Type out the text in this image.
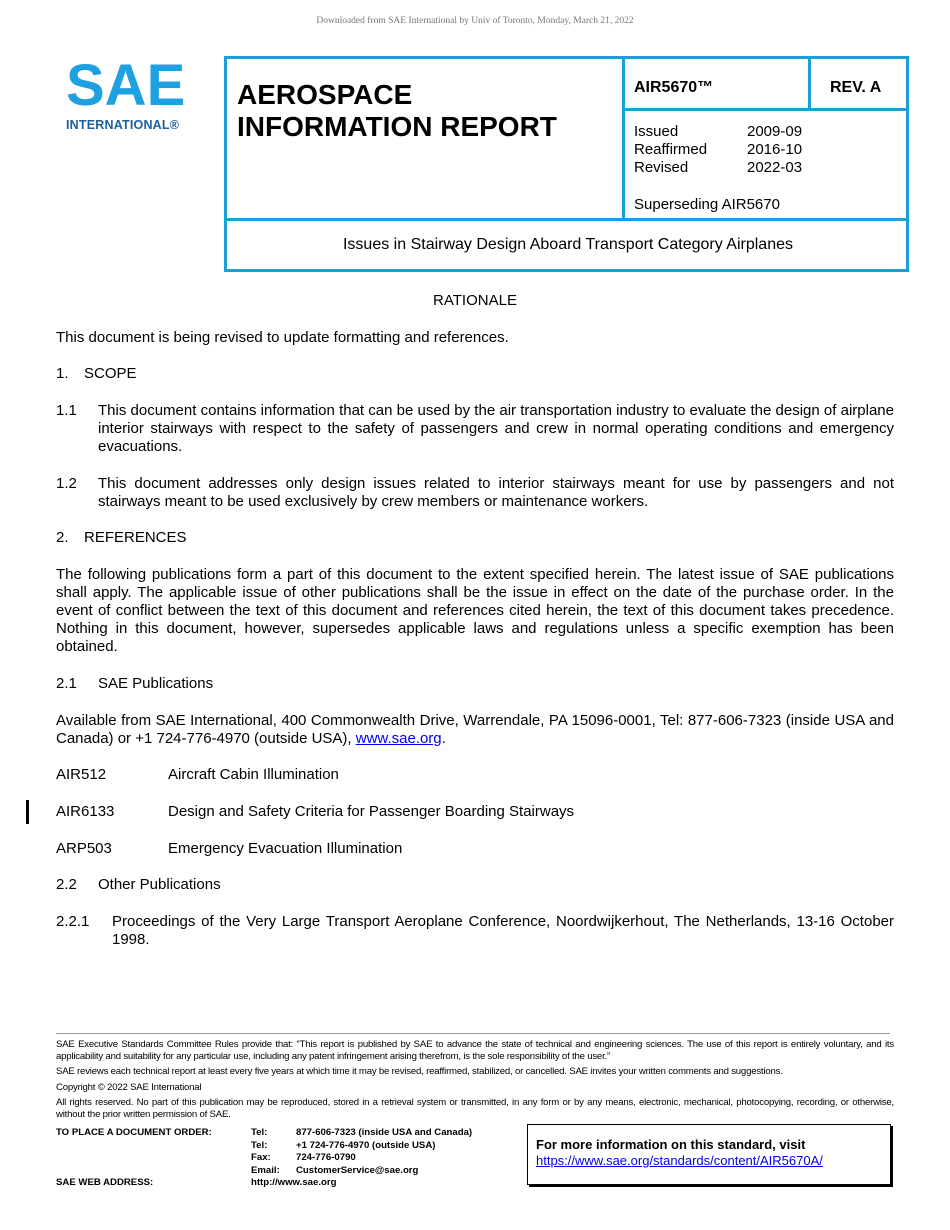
Downloaded from SAE International by Univ of Toronto, Monday, March 21, 2022
SAE
INTERNATIONAL®
AEROSPACE
INFORMATION REPORT
AIR5670™	REV. A
Issued	2009-09
Reaffirmed	2016-10
Revised	2022-03
Superseding AIR5670
Issues in Stairway Design Aboard Transport Category Airplanes
RATIONALE
This document is being revised to update formatting and references.
1. SCOPE
1.1 This document contains information that can be used by the air transportation industry to evaluate the design of airplane interior stairways with respect to the safety of passengers and crew in normal operating conditions and emergency evacuations.
1.2 This document addresses only design issues related to interior stairways meant for use by passengers and not stairways meant to be used exclusively by crew members or maintenance workers.
2. REFERENCES
The following publications form a part of this document to the extent specified herein. The latest issue of SAE publications shall apply. The applicable issue of other publications shall be the issue in effect on the date of the purchase order. In the event of conflict between the text of this document and references cited herein, the text of this document takes precedence. Nothing in this document, however, supersedes applicable laws and regulations unless a specific exemption has been obtained.
2.1 SAE Publications
Available from SAE International, 400 Commonwealth Drive, Warrendale, PA 15096-0001, Tel: 877-606-7323 (inside USA and Canada) or +1 724-776-4970 (outside USA), www.sae.org.
AIR512	Aircraft Cabin Illumination
AIR6133	Design and Safety Criteria for Passenger Boarding Stairways
ARP503	Emergency Evacuation Illumination
2.2 Other Publications
2.2.1 Proceedings of the Very Large Transport Aeroplane Conference, Noordwijkerhout, The Netherlands, 13-16 October 1998.
SAE Executive Standards Committee Rules provide that: “This report is published by SAE to advance the state of technical and engineering sciences. The use of this report is entirely voluntary, and its applicability and suitability for any particular use, including any patent infringement arising therefrom, is the sole responsibility of the user.”
SAE reviews each technical report at least every five years at which time it may be revised, reaffirmed, stabilized, or cancelled. SAE invites your written comments and suggestions.
Copyright © 2022 SAE International
All rights reserved. No part of this publication may be reproduced, stored in a retrieval system or transmitted, in any form or by any means, electronic, mechanical, photocopying, recording, or otherwise, without the prior written permission of SAE.
TO PLACE A DOCUMENT ORDER:	Tel:	877-606-7323 (inside USA and Canada)
Tel:	+1 724-776-4970 (outside USA)
Fax:	724-776-0790
Email:	CustomerService@sae.org
SAE WEB ADDRESS:	http://www.sae.org
For more information on this standard, visit
https://www.sae.org/standards/content/AIR5670A/
